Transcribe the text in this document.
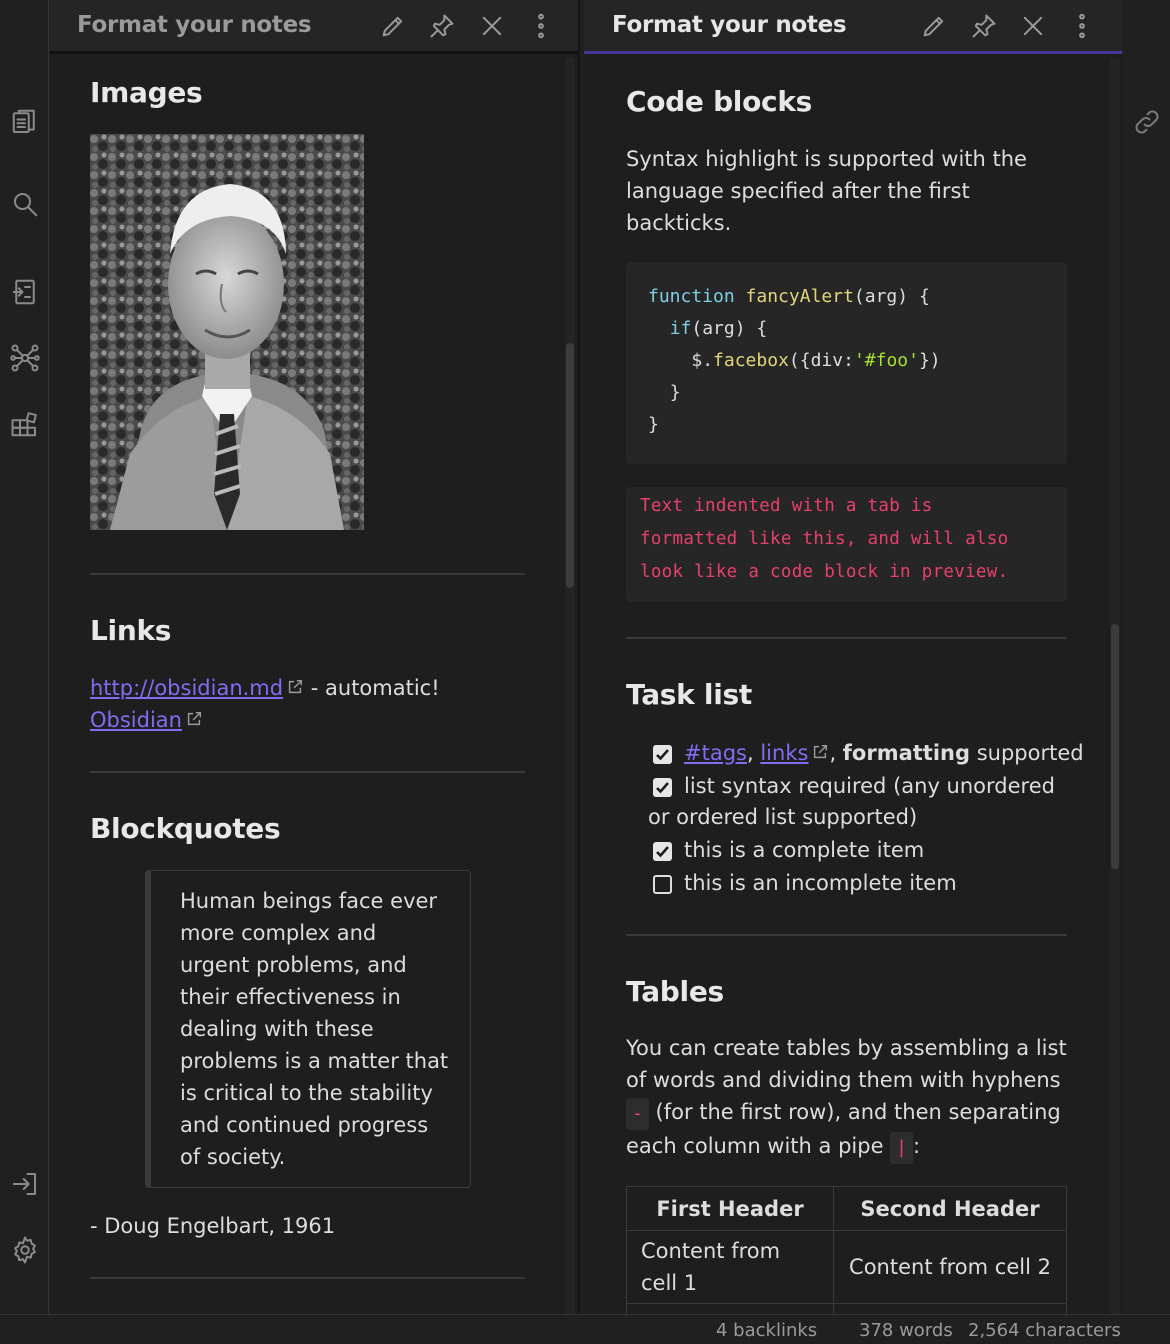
Format your notes
Images
Links
http://obsidian.md - automatic!
Obsidian
Blockquotes
Human beings face ever
more complex and
urgent problems, and
their effectiveness in
dealing with these
problems is a matter that
is critical to the stability
and continued progress
of society.
- Doug Engelbart, 1961
Format your notes
Code blocks
Syntax highlight is supported with the
language specified after the first
backticks.
function fancyAlert(arg) {
if(arg) {
$.facebox({div:'#foo'})
}
}
Text indented with a tab is
formatted like this, and will also
look like a code block in preview.
Task list
#tags, links , formatting supported
list syntax required (any unordered
or ordered list supported)
this is a complete item
this is an incomplete item
Tables
You can create tables by assembling a list
of words and dividing them with hyphens
- (for the first row), and then separating
each column with a pipe | :
First Header	Second Header
Content from cell 1	Content from cell 2

4 backlinks 378 words 2,564 characters
